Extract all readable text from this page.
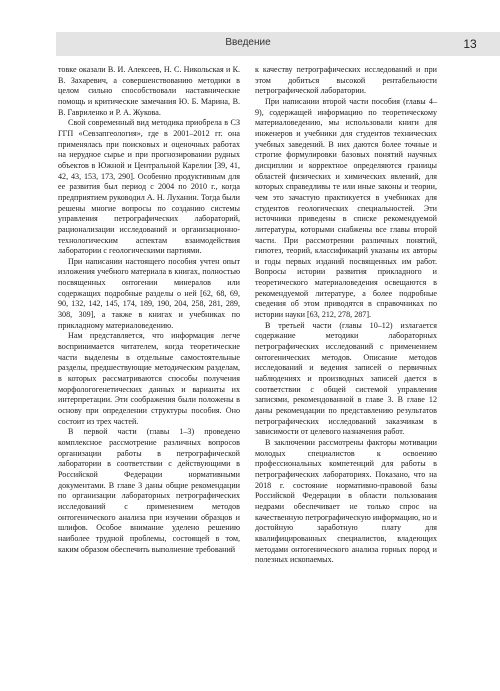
Введение	13

товке оказали В. И. Алексеев, Н. С. Никольская и К. В. Захаревич, а совершенствованию методики в целом сильно способствовали наставнические помощь и критические замечания Ю. Б. Марина, В. В. Гавриленко и Р. А. Жукова.

Свой современный вид методика приобрела в СЗ ГГП «Севзапгеология», где в 2001–2012 гг. она применялась при поисковых и оценочных работах на нерудное сырье и при прогнозировании рудных объектов в Южной и Центральной Карелии [39, 41, 42, 43, 153, 173, 290]. Особенно продуктивным для ее развития был период с 2004 по 2010 г., когда предприятием руководил А. Н. Луханин. Тогда были решены многие вопросы по созданию системы управления петрографических лабораторий, рационализации исследований и организационно-технологическим аспектам взаимодействия лаборатории с геологическими партиями.

При написании настоящего пособия учтен опыт изложения учебного материала в книгах, полностью посвященных онтогении минералов или содержащих подробные разделы о ней [62, 68, 69, 90, 132, 142, 145, 174, 189, 190, 204, 258, 281, 289, 308, 309], а также в книгах и учебниках по прикладному материаловедению.

Нам представляется, что информация легче воспринимается читателем, когда теоретические части выделены в отдельные самостоятельные разделы, предшествующие методическим разделам, в которых рассматриваются способы получения морфологогенетических данных и варианты их интерпретации. Эти соображения были положены в основу при определении структуры пособия. Оно состоит из трех частей.

В первой части (главы 1–3) проведено комплексное рассмотрение различных вопросов организации работы в петрографической лаборатории в соответствии с действующими в Российской Федерации нормативными документами. В главе 3 даны общие рекомендации по организации лабораторных петрографических исследований с применением методов онтогенического анализа при изучении образцов и шлифов. Особое внимание уделено решению наиболее трудной проблемы, состоящей в том, каким образом обеспечить выполнение требований

к качеству петрографических исследований и при этом добиться высокой рентабельности петрографической лаборатории.

При написании второй части пособия (главы 4–9), содержащей информацию по теоретическому материаловедению, мы использовали книги для инженеров и учебники для студентов технических учебных заведений. В них даются более точные и строгие формулировки базовых понятий научных дисциплин и корректное определяются границы областей физических и химических явлений, для которых справедливы те или иные законы и теории, чем это зачастую практикуется в учебниках для студентов геологических специальностей. Эти источники приведены в списке рекомендуемой литературы, которыми снабжены все главы второй части. При рассмотрении различных понятий, гипотез, теорий, классификаций указаны их авторы и годы первых изданий посвященных им работ. Вопросы истории развития прикладного и теоретического материаловедения освещаются в рекомендуемой литературе, а более подробные сведения об этом приводятся в справочниках по истории науки [63, 212, 278, 287].

В третьей части (главы 10–12) излагается содержание методики лабораторных петрографических исследований с применением онтогенических методов. Описание методов исследований и ведения записей о первичных наблюдениях и производных записей дается в соответствии с общей системой управления записями, рекомендованной в главе 3. В главе 12 даны рекомендации по представлению результатов петрографических исследований заказчикам в зависимости от целевого назначения работ.

В заключении рассмотрены факторы мотивации молодых специалистов к освоению профессиональных компетенций для работы в петрографических лабораториях. Показано, что на 2018 г. состояние нормативно-правовой базы Российской Федерации в области пользования недрами обеспечивает не только спрос на качественную петрографическую информацию, но и достойную заработную плату для квалифицированных специалистов, владеющих методами онтогенического анализа горных пород и полезных ископаемых.
